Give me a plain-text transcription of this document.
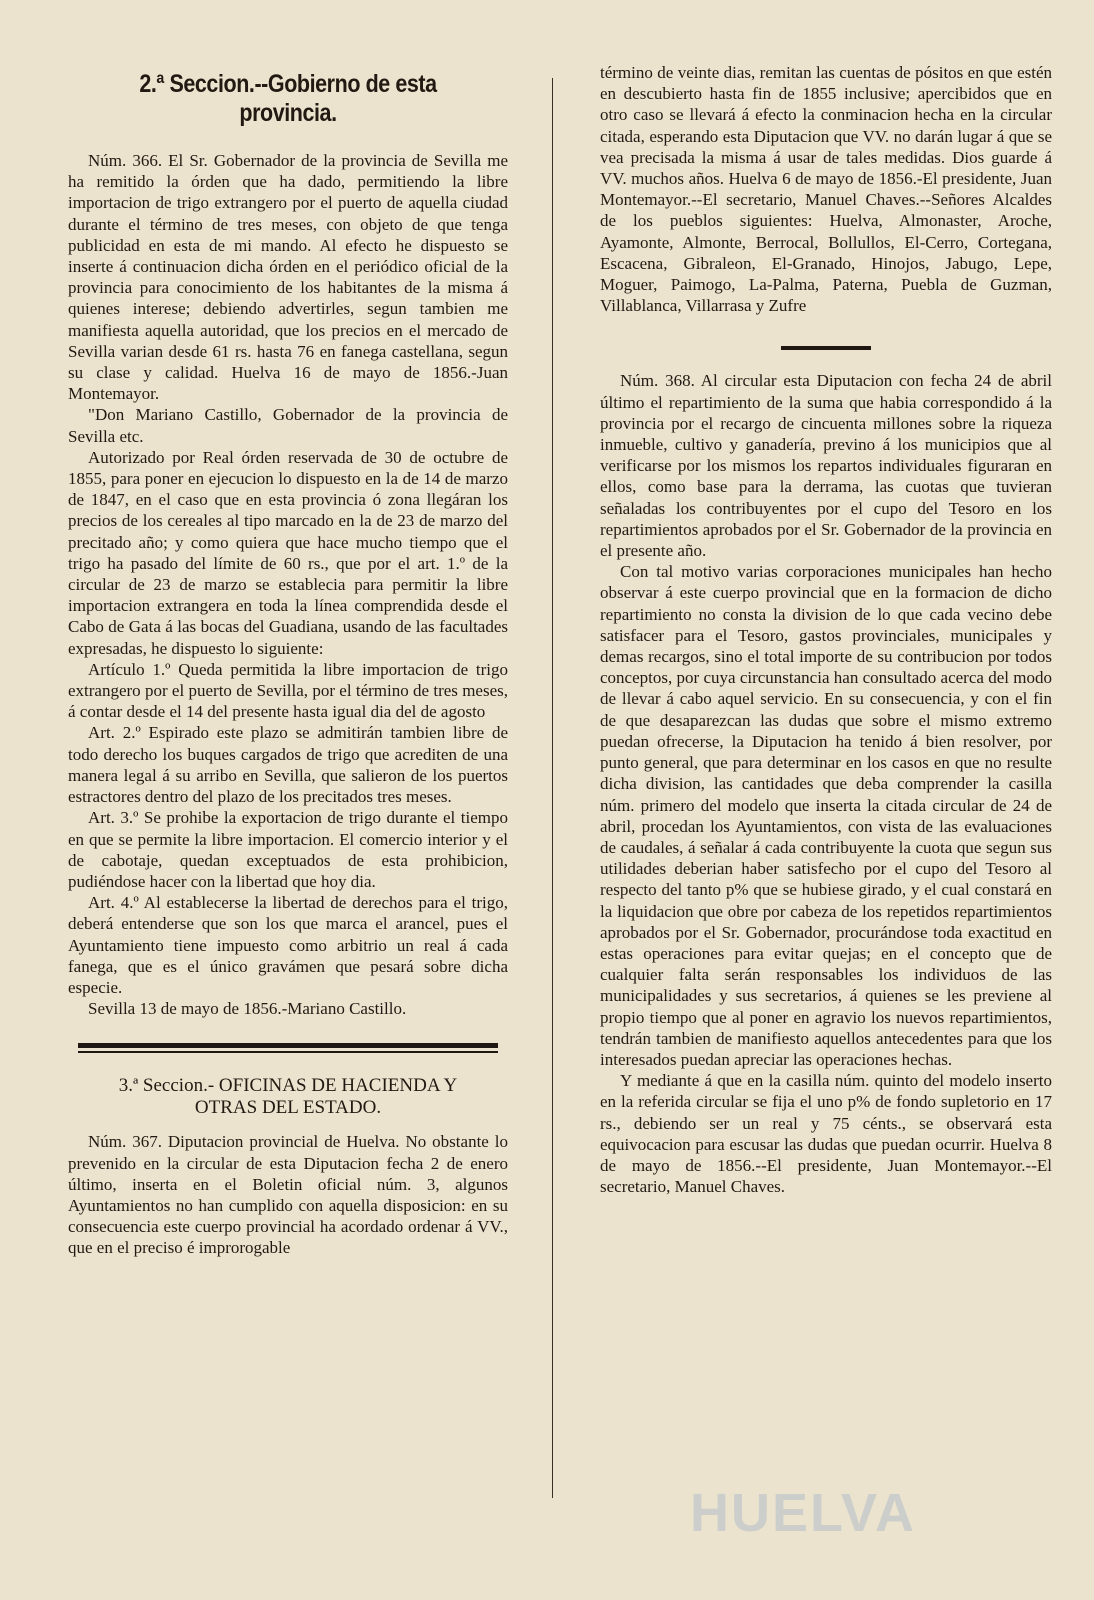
2.ª Seccion.--Gobierno de esta provincia.

Núm. 366. El Sr. Gobernador de la provincia de Sevilla me ha remitido la órden que ha dado, permitiendo la libre importacion de trigo extrangero por el puerto de aquella ciudad durante el término de tres meses, con objeto de que tenga publicidad en esta de mi mando. Al efecto he dispuesto se inserte á continuacion dicha órden en el periódico oficial de la provincia para conocimiento de los habitantes de la misma á quienes interese; debiendo advertirles, segun tambien me manifiesta aquella autoridad, que los precios en el mercado de Sevilla varian desde 61 rs. hasta 76 en fanega castellana, segun su clase y calidad. Huelva 16 de mayo de 1856.-Juan Montemayor.

"Don Mariano Castillo, Gobernador de la provincia de Sevilla etc.

Autorizado por Real órden reservada de 30 de octubre de 1855, para poner en ejecucion lo dispuesto en la de 14 de marzo de 1847, en el caso que en esta provincia ó zona llegáran los precios de los cereales al tipo marcado en la de 23 de marzo del precitado año; y como quiera que hace mucho tiempo que el trigo ha pasado del límite de 60 rs., que por el art. 1.º de la circular de 23 de marzo se establecia para permitir la libre importacion extrangera en toda la línea comprendida desde el Cabo de Gata á las bocas del Guadiana, usando de las facultades expresadas, he dispuesto lo siguiente:

Artículo 1.º Queda permitida la libre importacion de trigo extrangero por el puerto de Sevilla, por el término de tres meses, á contar desde el 14 del presente hasta igual dia del de agosto

Art. 2.º Espirado este plazo se admitirán tambien libre de todo derecho los buques cargados de trigo que acrediten de una manera legal á su arribo en Sevilla, que salieron de los puertos estractores dentro del plazo de los precitados tres meses.

Art. 3.º Se prohibe la exportacion de trigo durante el tiempo en que se permite la libre importacion. El comercio interior y el de cabotaje, quedan exceptuados de esta prohibicion, pudiéndose hacer con la libertad que hoy dia.

Art. 4.º Al establecerse la libertad de derechos para el trigo, deberá entenderse que son los que marca el arancel, pues el Ayuntamiento tiene impuesto como arbitrio un real á cada fanega, que es el único gravámen que pesará sobre dicha especie.

Sevilla 13 de mayo de 1856.-Mariano Castillo.

3.ª Seccion.- OFICINAS DE HACIENDA Y
OTRAS DEL ESTADO.

Núm. 367. Diputacion provincial de Huelva. No obstante lo prevenido en la circular de esta Diputacion fecha 2 de enero último, inserta en el Boletin oficial núm. 3, algunos Ayuntamientos no han cumplido con aquella disposicion: en su consecuencia este cuerpo provincial ha acordado ordenar á VV., que en el preciso é improrogable

término de veinte dias, remitan las cuentas de pósitos en que estén en descubierto hasta fin de 1855 inclusive; apercibidos que en otro caso se llevará á efecto la conminacion hecha en la circular citada, esperando esta Diputacion que VV. no darán lugar á que se vea precisada la misma á usar de tales medidas. Dios guarde á VV. muchos años. Huelva 6 de mayo de 1856.-El presidente, Juan Montemayor.--El secretario, Manuel Chaves.--Señores Alcaldes de los pueblos siguientes: Huelva, Almonaster, Aroche, Ayamonte, Almonte, Berrocal, Bollullos, El-Cerro, Cortegana, Escacena, Gibraleon, El-Granado, Hinojos, Jabugo, Lepe, Moguer, Paimogo, La-Palma, Paterna, Puebla de Guzman, Villablanca, Villarrasa y Zufre

Núm. 368. Al circular esta Diputacion con fecha 24 de abril último el repartimiento de la suma que habia correspondido á la provincia por el recargo de cincuenta millones sobre la riqueza inmueble, cultivo y ganadería, previno á los municipios que al verificarse por los mismos los repartos individuales figuraran en ellos, como base para la derrama, las cuotas que tuvieran señaladas los contribuyentes por el cupo del Tesoro en los repartimientos aprobados por el Sr. Gobernador de la provincia en el presente año.

Con tal motivo varias corporaciones municipales han hecho observar á este cuerpo provincial que en la formacion de dicho repartimiento no consta la division de lo que cada vecino debe satisfacer para el Tesoro, gastos provinciales, municipales y demas recargos, sino el total importe de su contribucion por todos conceptos, por cuya circunstancia han consultado acerca del modo de llevar á cabo aquel servicio. En su consecuencia, y con el fin de que desaparezcan las dudas que sobre el mismo extremo puedan ofrecerse, la Diputacion ha tenido á bien resolver, por punto general, que para determinar en los casos en que no resulte dicha division, las cantidades que deba comprender la casilla núm. primero del modelo que inserta la citada circular de 24 de abril, procedan los Ayuntamientos, con vista de las evaluaciones de caudales, á señalar á cada contribuyente la cuota que segun sus utilidades deberian haber satisfecho por el cupo del Tesoro al respecto del tanto p% que se hubiese girado, y el cual constará en la liquidacion que obre por cabeza de los repetidos repartimientos aprobados por el Sr. Gobernador, procurándose toda exactitud en estas operaciones para evitar quejas; en el concepto que de cualquier falta serán responsables los individuos de las municipalidades y sus secretarios, á quienes se les previene al propio tiempo que al poner en agravio los nuevos repartimientos, tendrán tambien de manifiesto aquellos antecedentes para que los interesados puedan apreciar las operaciones hechas.

Y mediante á que en la casilla núm. quinto del modelo inserto en la referida circular se fija el uno p% de fondo supletorio en 17 rs., debiendo ser un real y 75 cénts., se observará esta equivocacion para escusar las dudas que puedan ocurrir. Huelva 8 de mayo de 1856.--El presidente, Juan Montemayor.--El secretario, Manuel Chaves.

HUELVA
